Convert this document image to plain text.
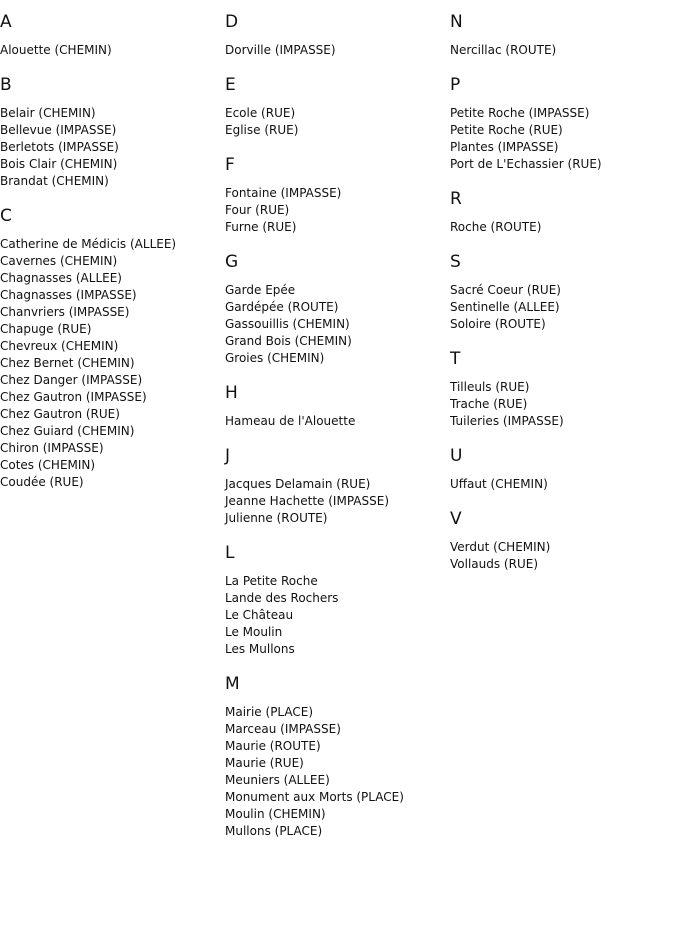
A
Alouette (CHEMIN)
B
Belair (CHEMIN)
Bellevue (IMPASSE)
Berletots (IMPASSE)
Bois Clair (CHEMIN)
Brandat (CHEMIN)
C
Catherine de Médicis (ALLEE)
Cavernes (CHEMIN)
Chagnasses (ALLEE)
Chagnasses (IMPASSE)
Chanvriers (IMPASSE)
Chapuge (RUE)
Chevreux (CHEMIN)
Chez Bernet (CHEMIN)
Chez Danger (IMPASSE)
Chez Gautron (IMPASSE)
Chez Gautron (RUE)
Chez Guiard (CHEMIN)
Chiron (IMPASSE)
Cotes (CHEMIN)
Coudée (RUE)
D
Dorville (IMPASSE)
E
Ecole (RUE)
Eglise (RUE)
F
Fontaine (IMPASSE)
Four (RUE)
Furne (RUE)
G
Garde Epée
Gardépée (ROUTE)
Gassouillis (CHEMIN)
Grand Bois (CHEMIN)
Groies (CHEMIN)
H
Hameau de l'Alouette
J
Jacques Delamain (RUE)
Jeanne Hachette (IMPASSE)
Julienne (ROUTE)
L
La Petite Roche
Lande des Rochers
Le Château
Le Moulin
Les Mullons
M
Mairie (PLACE)
Marceau (IMPASSE)
Maurie (ROUTE)
Maurie (RUE)
Meuniers (ALLEE)
Monument aux Morts (PLACE)
Moulin (CHEMIN)
Mullons (PLACE)
N
Nercillac (ROUTE)
P
Petite Roche (IMPASSE)
Petite Roche (RUE)
Plantes (IMPASSE)
Port de L'Echassier (RUE)
R
Roche (ROUTE)
S
Sacré Coeur (RUE)
Sentinelle (ALLEE)
Soloire (ROUTE)
T
Tilleuls (RUE)
Trache (RUE)
Tuileries (IMPASSE)
U
Uffaut (CHEMIN)
V
Verdut (CHEMIN)
Vollauds (RUE)
